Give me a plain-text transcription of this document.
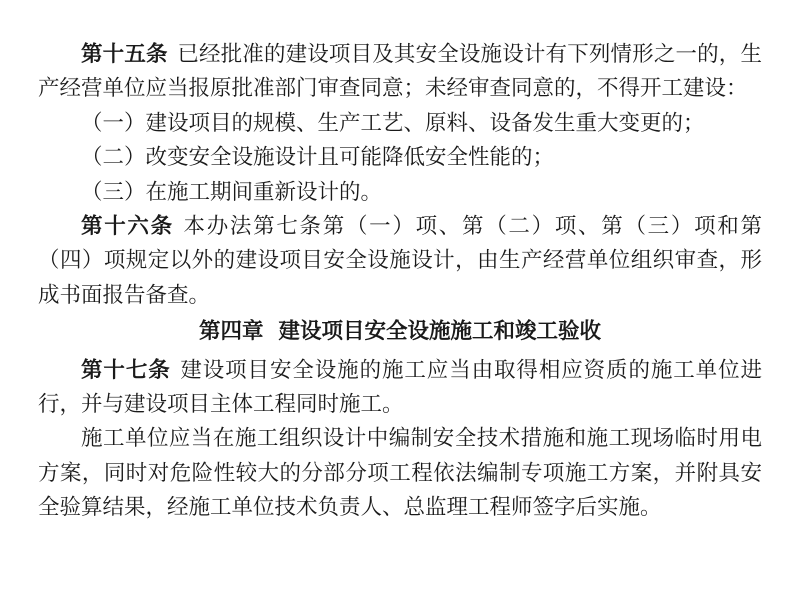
第十五条 已经批准的建设项目及其安全设施设计有下列情形之一的，生产经营单位应当报原批准部门审查同意；未经审查同意的，不得开工建设：

（一）建设项目的规模、生产工艺、原料、设备发生重大变更的；

（二）改变安全设施设计且可能降低安全性能的；

（三）在施工期间重新设计的。

第十六条 本办法第七条第（一）项、第（二）项、第（三）项和第（四）项规定以外的建设项目安全设施设计，由生产经营单位组织审查，形成书面报告备查。

第四章  建设项目安全设施施工和竣工验收

第十七条 建设项目安全设施的施工应当由取得相应资质的施工单位进行，并与建设项目主体工程同时施工。

施工单位应当在施工组织设计中编制安全技术措施和施工现场临时用电方案，同时对危险性较大的分部分项工程依法编制专项施工方案，并附具安全验算结果，经施工单位技术负责人、总监理工程师签字后实施。
